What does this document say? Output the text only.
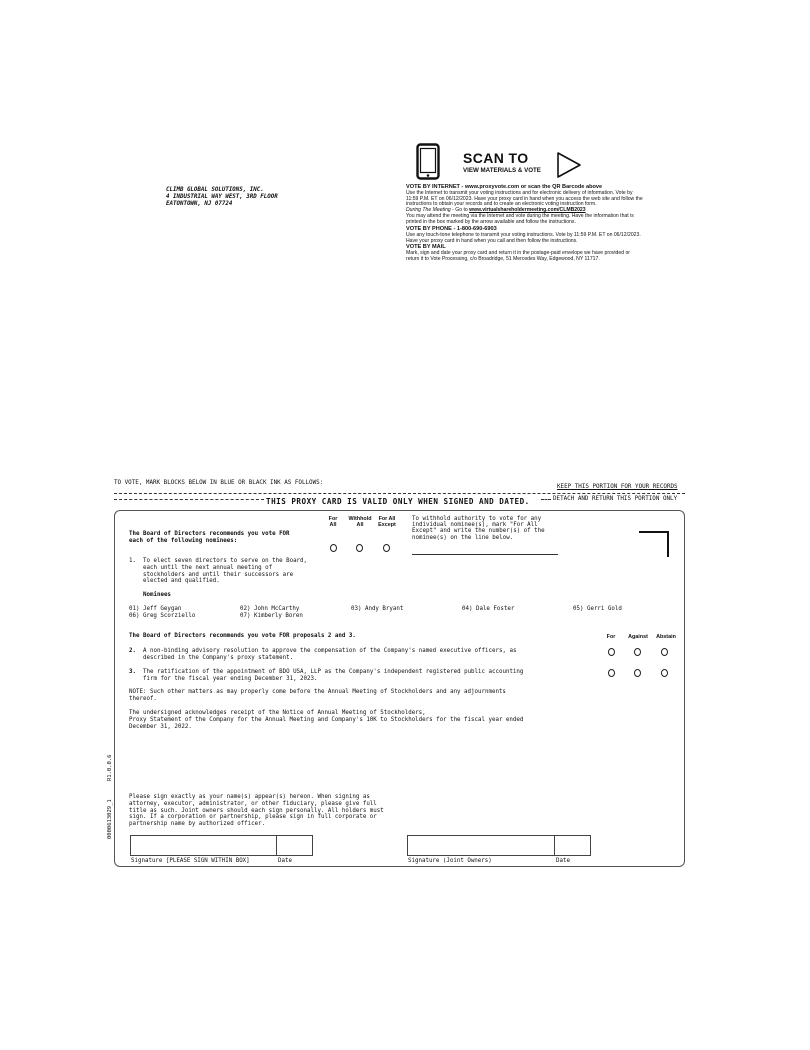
CLIMB GLOBAL SOLUTIONS, INC.
4 INDUSTRIAL WAY WEST, 3RD FLOOR
EATONTOWN, NJ 07724
SCAN TO
VIEW MATERIALS & VOTE

VOTE BY INTERNET - www.proxyvote.com or scan the QR Barcode above

Use the Internet to transmit your voting instructions and for electronic delivery of information. Vote by 11:59 P.M. ET on 06/12/2023. Have your proxy card in hand when you access the web site and follow the instructions to obtain your records and to create an electronic voting instruction form.

During The Meeting - Go to www.virtualshareholdermeeting.com/CLMB2023

You may attend the meeting via the Internet and vote during the meeting. Have the information that is printed in the box marked by the arrow available and follow the instructions.

VOTE BY PHONE - 1-800-690-6903

Use any touch-tone telephone to transmit your voting instructions. Vote by 11:59 P.M. ET on 06/12/2023. Have your proxy card in hand when you call and then follow the instructions.

VOTE BY MAIL

Mark, sign and date your proxy card and return it in the postage-paid envelope we have provided or return it to Vote Processing, c/o Broadridge, 51 Mercedes Way, Edgewood, NY 11717.

TO VOTE, MARK BLOCKS BELOW IN BLUE OR BLACK INK AS FOLLOWS:
KEEP THIS PORTION FOR YOUR RECORDS
THIS PROXY CARD IS VALID ONLY WHEN SIGNED AND DATED.	DETACH AND RETURN THIS PORTION ONLY
R1.0.0.6
0000613029_1
The Board of Directors recommends you vote FOR
each of the following nominees:
For
All
Withhold
All
For All
Except
To withhold authority to vote for any
individual nominee(s), mark "For All
Except" and write the number(s) of the
nominee(s) on the line below.
1. To elect seven directors to serve on the Board,
each until the next annual meeting of
stockholders and until their successors are
elected and qualified.
Nominees
01) Jeff Geygan	02) John McCarthy	03) Andy Bryant	04) Dale Foster	05) Gerri Gold
06) Greg Scorziello	07) Kimberly Boren
The Board of Directors recommends you vote FOR proposals 2 and 3.	For	Against	Abstain
2. A non-binding advisory resolution to approve the compensation of the Company's named executive officers, as
described in the Company's proxy statement.
3. The ratification of the appointment of BDO USA, LLP as the Company's independent registered public accounting
firm for the fiscal year ending December 31, 2023.
NOTE: Such other matters as may properly come before the Annual Meeting of Stockholders and any adjournments
thereof.
The undersigned acknowledges receipt of the Notice of Annual Meeting of Stockholders,
Proxy Statement of the Company for the Annual Meeting and Company's 10K to Stockholders for the fiscal year ended
December 31, 2022.
Please sign exactly as your name(s) appear(s) hereon. When signing as
attorney, executor, administrator, or other fiduciary, please give full
title as such. Joint owners should each sign personally. All holders must
sign. If a corporation or partnership, please sign in full corporate or
partnership name by authorized officer.
Signature [PLEASE SIGN WITHIN BOX]	Date	Signature (Joint Owners)	Date
